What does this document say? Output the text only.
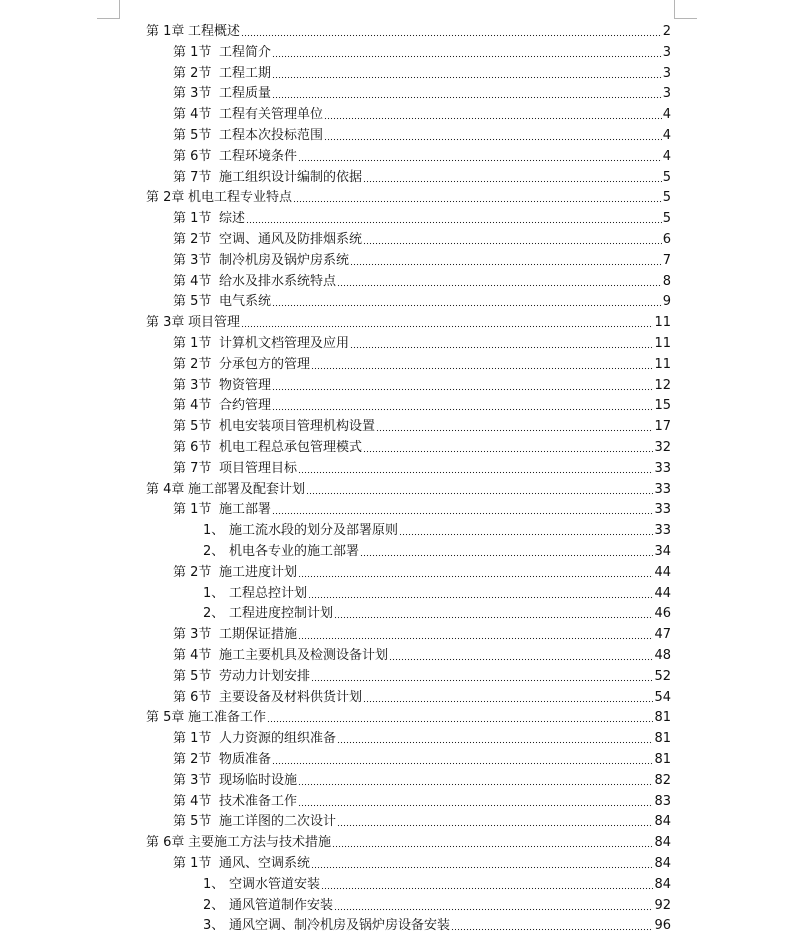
第 1章 工程概述	2
第 1节 工程简介	3
第 2节 工程工期	3
第 3节 工程质量	3
第 4节 工程有关管理单位	4
第 5节 工程本次投标范围	4
第 6节 工程环境条件	4
第 7节 施工组织设计编制的依据	5
第 2章 机电工程专业特点	5
第 1节 综述	5
第 2节 空调、通风及防排烟系统	6
第 3节 制冷机房及锅炉房系统	7
第 4节 给水及排水系统特点	8
第 5节 电气系统	9
第 3章 项目管理	11
第 1节 计算机文档管理及应用	11
第 2节 分承包方的管理	11
第 3节 物资管理	12
第 4节 合约管理	15
第 5节 机电安装项目管理机构设置	17
第 6节 机电工程总承包管理模式	32
第 7节 项目管理目标	33
第 4章 施工部署及配套计划	33
第 1节 施工部署	33
1、 施工流水段的划分及部署原则	33
2、 机电各专业的施工部署	34
第 2节 施工进度计划	44
1、 工程总控计划	44
2、 工程进度控制计划	46
第 3节 工期保证措施	47
第 4节 施工主要机具及检测设备计划	48
第 5节 劳动力计划安排	52
第 6节 主要设备及材料供货计划	54
第 5章 施工准备工作	81
第 1节 人力资源的组织准备	81
第 2节 物质准备	81
第 3节 现场临时设施	82
第 4节 技术准备工作	83
第 5节 施工详图的二次设计	84
第 6章 主要施工方法与技术措施	84
第 1节 通风、空调系统	84
1、 空调水管道安装	84
2、 通风管道制作安装	92
3、 通风空调、制冷机房及锅炉房设备安装	96
